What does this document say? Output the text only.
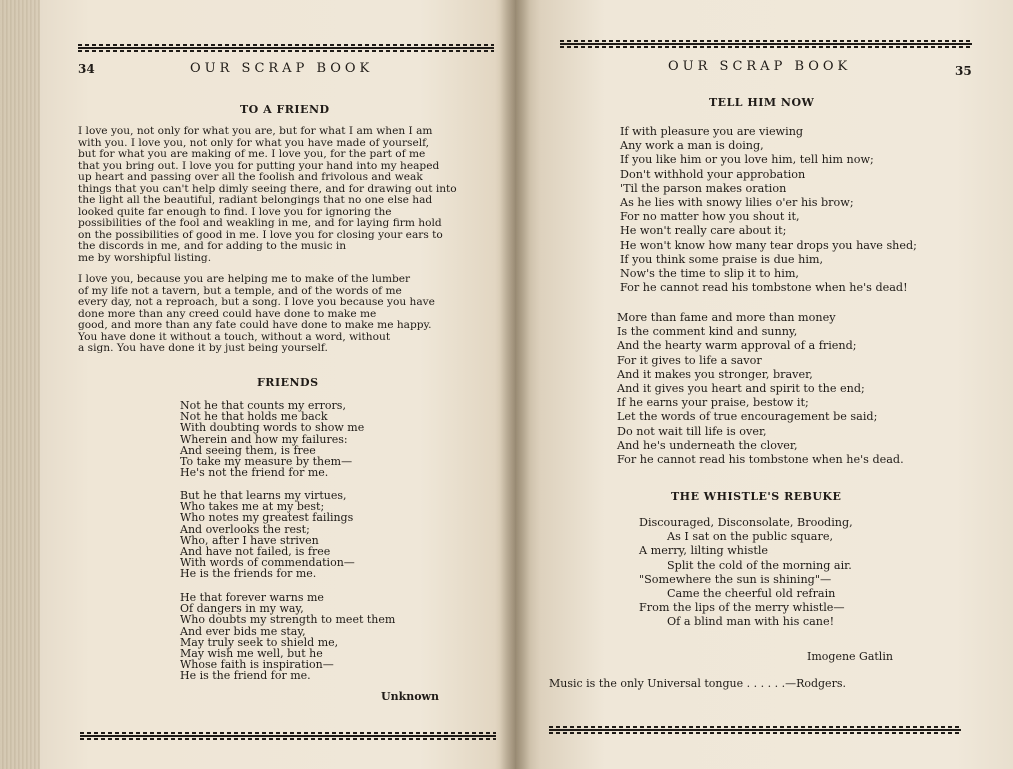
34	OUR SCRAP BOOK
TO A FRIEND
I love you, not only for what you are, but for what I am when I am
with you. I love you, not only for what you have made of yourself,
but for what you are making of me. I love you, for the part of me
that you bring out. I love you for putting your hand into my heaped
up heart and passing over all the foolish and frivolous and weak
things that you can't help dimly seeing there, and for drawing out into
the light all the beautiful, radiant belongings that no one else had
looked quite far enough to find. I love you for ignoring the
possibilities of the fool and weakling in me, and for laying firm hold
on the possibilities of good in me. I love you for closing your ears to
the discords in me, and for adding to the music in
me by worshipful listing.
I love you, because you are helping me to make of the lumber
of my life not a tavern, but a temple, and of the words of me
every day, not a reproach, but a song. I love you because you have
done more than any creed could have done to make me
good, and more than any fate could have done to make me happy.
You have done it without a touch, without a word, without
a sign. You have done it by just being yourself.
FRIENDS
Not he that counts my errors,
Not he that holds me back
With doubting words to show me
Wherein and how my failures:
And seeing them, is free
To take my measure by them—
He's not the friend for me.
But he that learns my virtues,
Who takes me at my best;
Who notes my greatest failings
And overlooks the rest;
Who, after I have striven
And have not failed, is free
With words of commendation—
He is the friends for me.
He that forever warns me
Of dangers in my way,
Who doubts my strength to meet them
And ever bids me stay,
May truly seek to shield me,
May wish me well, but he
Whose faith is inspiration—
He is the friend for me.
Unknown
OUR SCRAP BOOK	35
TELL HIM NOW
If with pleasure you are viewing
Any work a man is doing,
If you like him or you love him, tell him now;
Don't withhold your approbation
'Til the parson makes oration
As he lies with snowy lilies o'er his brow;
For no matter how you shout it,
He won't really care about it;
He won't know how many tear drops you have shed;
If you think some praise is due him,
Now's the time to slip it to him,
For he cannot read his tombstone when he's dead!
More than fame and more than money
Is the comment kind and sunny,
And the hearty warm approval of a friend;
For it gives to life a savor
And it makes you stronger, braver,
And it gives you heart and spirit to the end;
If he earns your praise, bestow it;
Let the words of true encouragement be said;
Do not wait till life is over,
And he's underneath the clover,
For he cannot read his tombstone when he's dead.
THE WHISTLE'S REBUKE
Discouraged, Disconsolate, Brooding,
As I sat on the public square,
A merry, lilting whistle
Split the cold of the morning air.
"Somewhere the sun is shining"—
Came the cheerful old refrain
From the lips of the merry whistle—
Of a blind man with his cane!
Imogene Gatlin
Music is the only Universal tongue . . . . . .—Rodgers.
